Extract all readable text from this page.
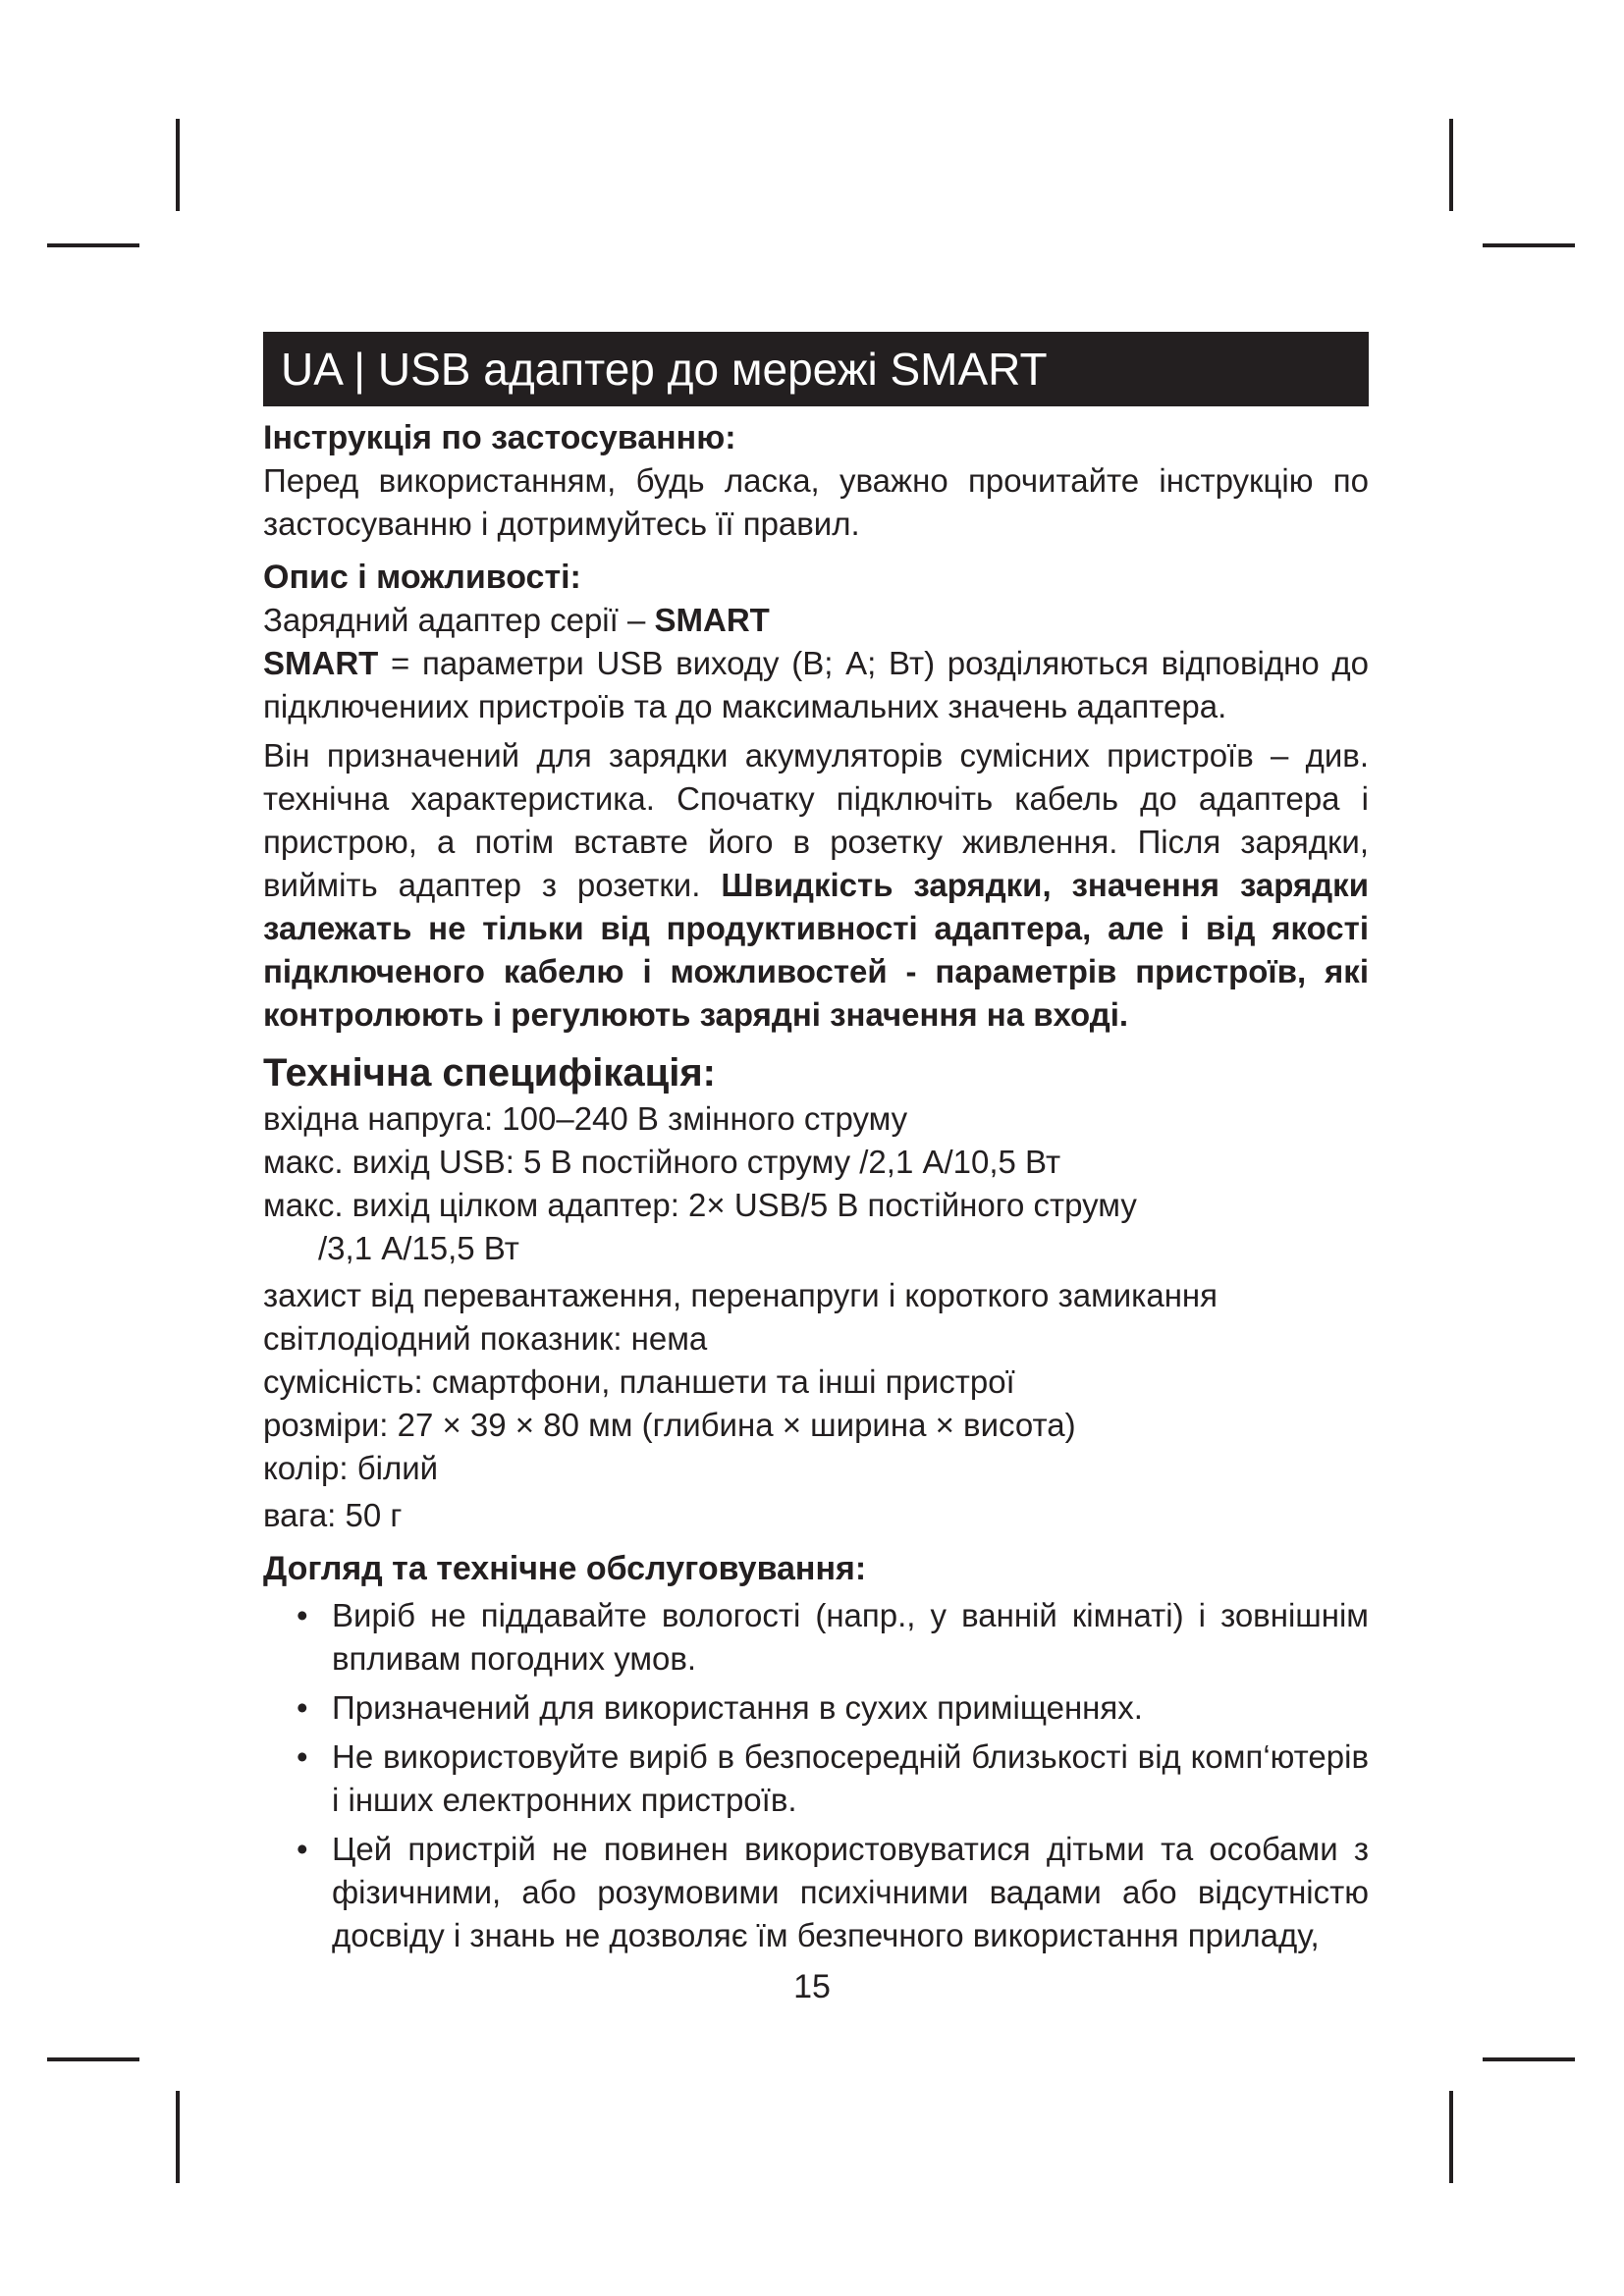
UA | USB адаптер до мережі SMART
Інструкція по застосуванню:
Перед використанням, будь ласка, уважно прочитайте інструкцію по застосуванню і дотримуйтесь її правил.
Опис і можливості:
Зарядний адаптер серії – SMART
SMART = параметри USB виходу (В; А; Вт) розділяються відповідно до підключениих пристроїв та до максимальних значень адаптера.
Він призначений для зарядки акумуляторів сумісних пристроїв – див. технічна характеристика. Спочатку підключіть кабель до адаптера і пристрою, а потім вставте його в розетку живлення. Після зарядки, вийміть адаптер з розетки. Швидкість зарядки, значення зарядки залежать не тільки від продуктивності адаптера, але і від якості підключеного кабелю і можливостей - параметрів пристроїв, які контролюють і регулюють зарядні значення на вході.
Технічна специфікація:
вхідна напруга: 100–240 В змінного струму
макс. вихід USB: 5 В постійного струму /2,1 А/10,5 Вт
макс. вихід цілком адаптер: 2× USB/5 В постійного струму
/3,1 А/15,5 Вт
захист від перевантаження, перенапруги і короткого замикання
світлодіодний показник: нема
сумісність: смартфони, планшети та інші пристрої
розміри: 27 × 39 × 80 мм (глибина × ширина × висота)
колір: білий
вага: 50 г
Догляд та технічне обслуговування:
• Виріб не піддавайте вологості (напр., у ванній кімнаті) і зовнішнім впливам погодних умов.
• Призначений для використання в сухих приміщеннях.
• Не використовуйте виріб в безпосередній близькості від комп‘ютерів і інших електронних пристроїв.
• Цей пристрій не повинен використовуватися дітьми та особами з фізичними, або розумовими психічними вадами або відсутністю досвіду і знань не дозволяє їм безпечного використання приладу,
15
